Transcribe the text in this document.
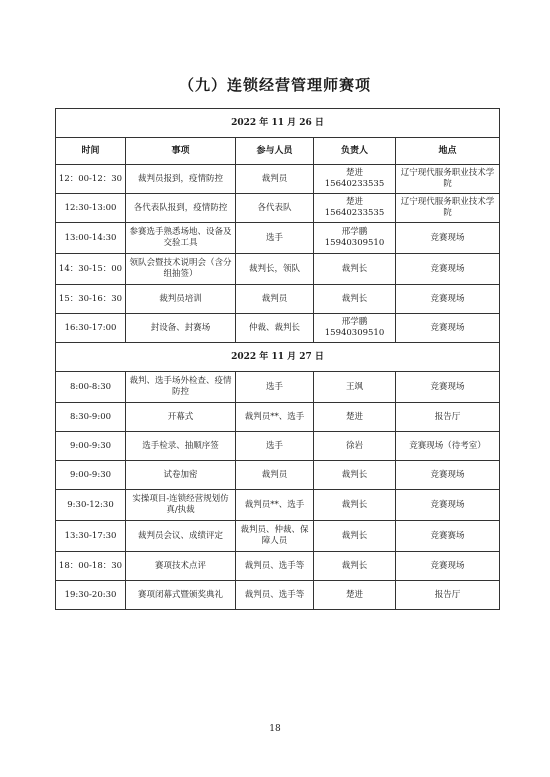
（九）连锁经营管理师赛项
2022 年 11 月 26 日				
时间	事项	参与人员	负责人	地点
12：00-12：30	裁判员报到，疫情防控	裁判员	楚进 15640233535	辽宁现代服务职业技术学院
12:30-13:00	各代表队报到，疫情防控	各代表队	楚进 15640233535	辽宁现代服务职业技术学院
13:00-14:30	参赛选手熟悉场地、设备及交验工具	选手	邢学鹏 15940309510	竞赛现场
14：30-15：00	领队会暨技术说明会（含分组抽签）	裁判长，领队	裁判长	竞赛现场
15：30-16：30	裁判员培训	裁判员	裁判长	竞赛现场
16:30-17:00	封设备、封赛场	仲裁、裁判长	邢学鹏 15940309510	竞赛现场
2022 年 11 月 27 日				
8:00-8:30	裁判、选手场外检查、疫情防控	选手	王飒	竞赛现场
8:30-9:00	开幕式	裁判员**、选手	楚进	报告厅
9:00-9:30	选手检录、抽顺序签	选手	徐岩	竞赛现场（待考室）
9:00-9:30	试卷加密	裁判员	裁判长	竞赛现场
9:30-12:30	实操项目-连锁经营规划仿真/执裁	裁判员**、选手	裁判长	竞赛现场
13:30-17:30	裁判员会议、成绩评定	裁判员、仲裁、保障人员	裁判长	竞赛赛场
18：00-18：30	赛项技术点评	裁判员、选手等	裁判长	竞赛现场
19:30-20:30	赛项闭幕式暨颁奖典礼	裁判员、选手等	楚进	报告厅
18
